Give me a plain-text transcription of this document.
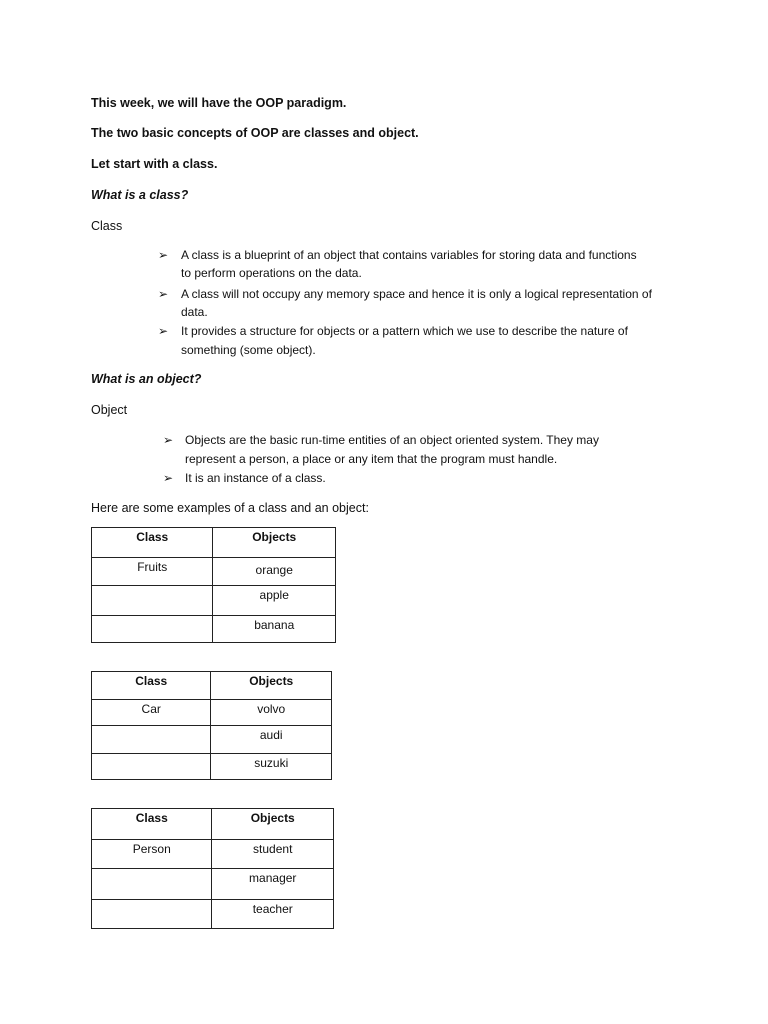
This week, we will have the OOP paradigm.
The two basic concepts of OOP are classes and object.
Let start with a class.
What is a class?
Class
➢ A class is a blueprint of an object that contains variables for storing data and functions
to perform operations on the data.
➢ A class will not occupy any memory space and hence it is only a logical representation of
data.
➢ It provides a structure for objects or a pattern which we use to describe the nature of
something (some object).
What is an object?
Object
➢ Objects are the basic run-time entities of an object oriented system. They may
represent a person, a place or any item that the program must handle.
➢ It is an instance of a class.
Here are some examples of a class and an object:
Class	Objects
Fruits	orange
	apple
	banana
Class	Objects
Car	volvo
	audi
	suzuki
Class	Objects
Person	student
	manager
	teacher
